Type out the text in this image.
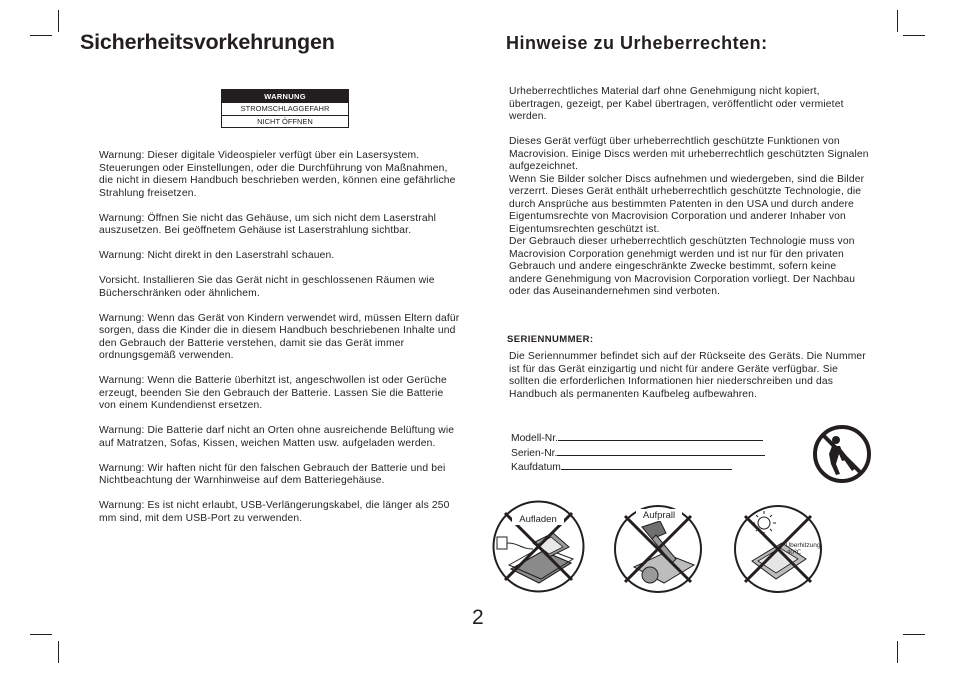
Sicherheitsvorkehrungen	Hinweise zu Urheberrechten:
WARNUNG
STROMSCHLAGGEFAHR
NICHT ÖFFNEN

Warnung: Dieser digitale Videospieler verfügt über ein Lasersystem.

Steuerungen oder Einstellungen, oder die Durchführung von Maßnahmen, die nicht in diesem Handbuch beschrieben werden, können eine gefährliche Strahlung freisetzen.

Warnung: Öffnen Sie nicht das Gehäuse, um sich nicht dem Laserstrahl auszusetzen. Bei geöffnetem Gehäuse ist Laserstrahlung sichtbar.

Warnung: Nicht direkt in den Laserstrahl schauen.

Vorsicht. Installieren Sie das Gerät nicht in geschlossenen Räumen wie Bücherschränken oder ähnlichem.

Warnung: Wenn das Gerät von Kindern verwendet wird, müssen Eltern dafür sorgen, dass die Kinder die in diesem Handbuch beschriebenen Inhalte und den Gebrauch der Batterie verstehen, damit sie das Gerät immer ordnungsgemäß verwenden.

Warnung: Wenn die Batterie überhitzt ist, angeschwollen ist oder Gerüche erzeugt, beenden Sie den Gebrauch der Batterie. Lassen Sie die Batterie von einem Kundendienst ersetzen.

Warnung: Die Batterie darf nicht an Orten ohne ausreichende Belüftung wie auf Matratzen, Sofas, Kissen, weichen Matten usw. aufgeladen werden.

Warnung: Wir haften nicht für den falschen Gebrauch der Batterie und bei Nichtbeachtung der Warnhinweise auf dem Batteriegehäuse.

Warnung: Es ist nicht erlaubt, USB-Verlängerungskabel, die länger als 250 mm sind, mit dem USB-Port zu verwenden.

Urheberrechtliches Material darf ohne Genehmigung nicht kopiert, übertragen, gezeigt, per Kabel übertragen, veröffentlicht oder vermietet werden.

Dieses Gerät verfügt über urheberrechtlich geschützte Funktionen von Macrovision. Einige Discs werden mit urheberrechtlich geschützten Signalen aufgezeichnet.

Wenn Sie Bilder solcher Discs aufnehmen und wiedergeben, sind die Bilder verzerrt. Dieses Gerät enthält urheberrechtlich geschützte Technologie, die durch Ansprüche aus bestimmten Patenten in den USA und durch andere Eigentumsrechte von Macrovision Corporation und anderer Inhaber von Eigentumsrechten geschützt ist.

Der Gebrauch dieser urheberrechtlich geschützten Technologie muss von Macrovision Corporation genehmigt werden und ist nur für den privaten Gebrauch und andere eingeschränkte Zwecke bestimmt, sofern keine andere Genehmigung von Macrovision Corporation vorliegt. Der Nachbau oder das Auseinandernehmen sind verboten.

SERIENNUMMER:
Die Seriennummer befindet sich auf der Rückseite des Geräts. Die Nummer ist für das Gerät einzigartig und nicht für andere Geräte verfügbar. Sie sollten die erforderlichen Informationen hier niederschreiben und das Handbuch als permanenten Kaufbeleg aufbewahren.
Modell-Nr.
Serien-Nr.
Kaufdatum
Aufladen	Aufprall
Überhitzung
40℃
2
